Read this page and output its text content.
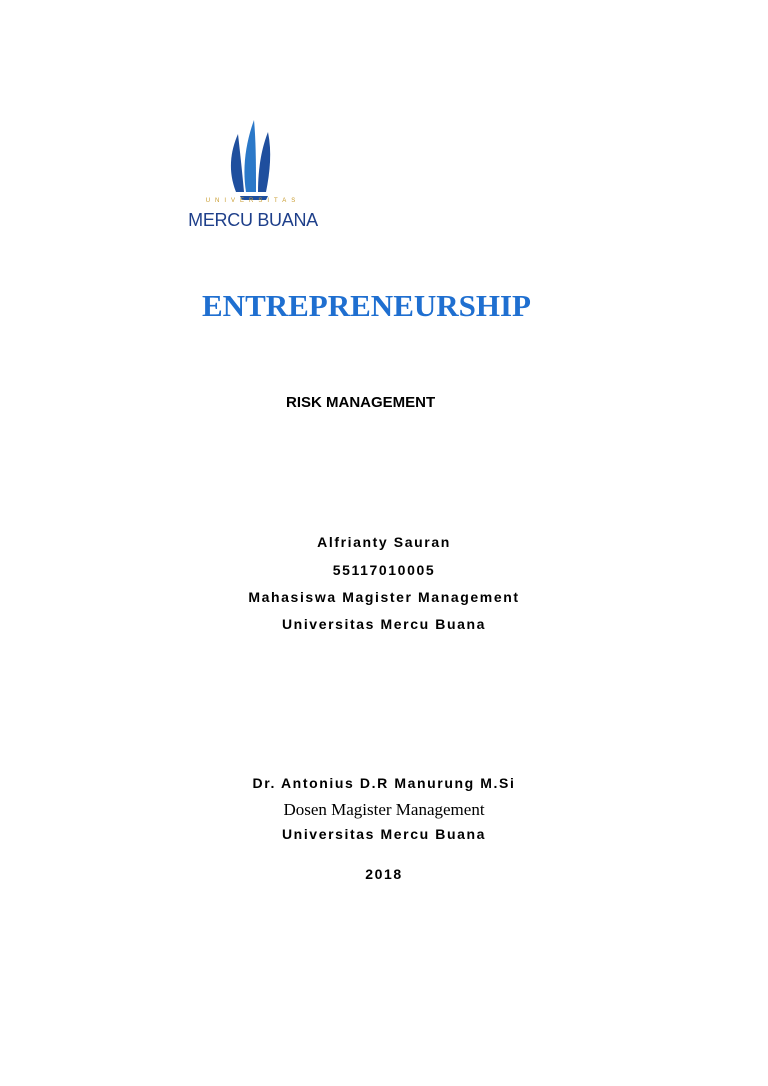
UNIVERSITAS
MERCU BUANA
ENTREPRENEURSHIP
RISK MANAGEMENT
Alfrianty Sauran
55117010005
Mahasiswa Magister Management
Universitas Mercu Buana
Dr. Antonius D.R Manurung M.Si
Dosen Magister Management
Universitas Mercu Buana
2018
